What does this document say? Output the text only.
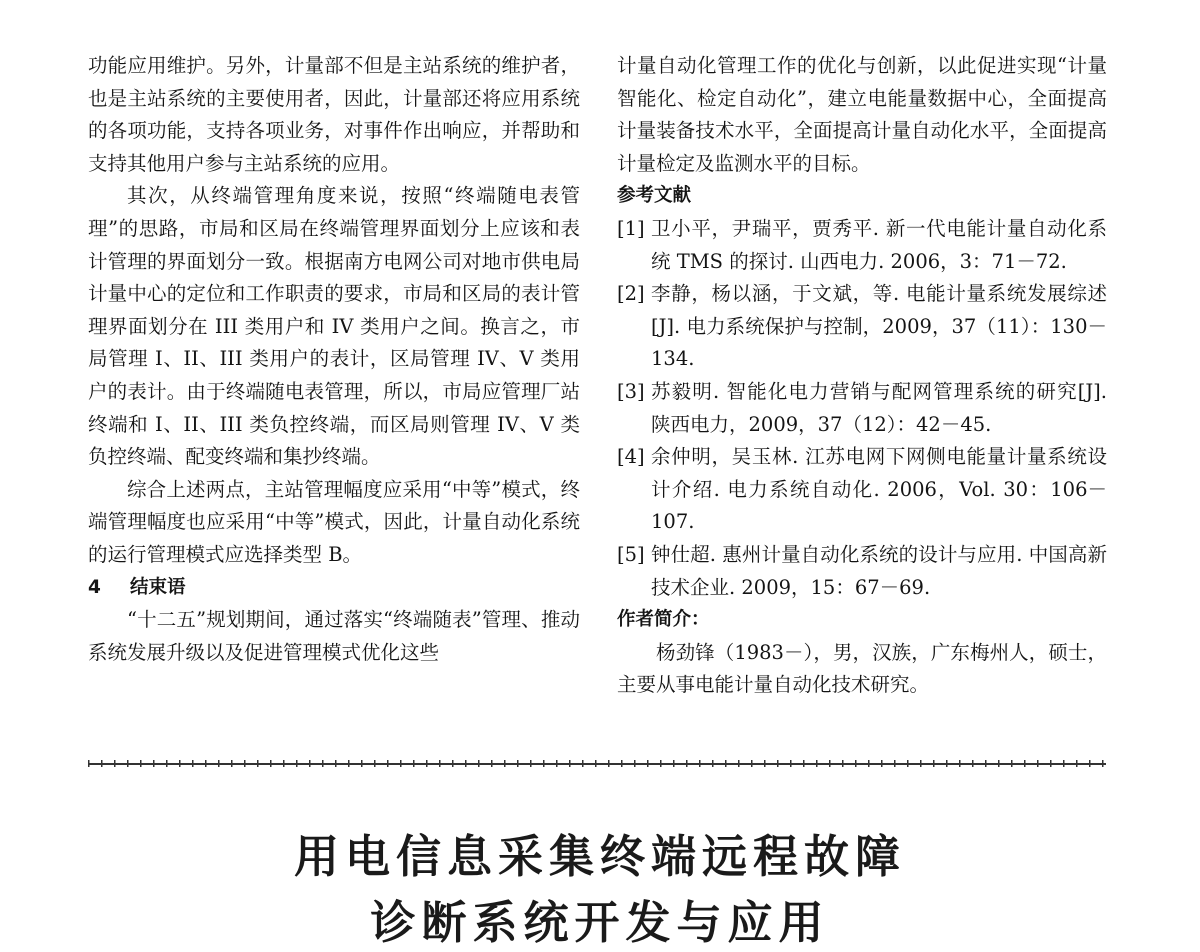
功能应用维护。另外，计量部不但是主站系统的维护者，也是主站系统的主要使用者，因此，计量部还将应用系统的各项功能，支持各项业务，对事件作出响应，并帮助和支持其他用户参与主站系统的应用。

其次，从终端管理角度来说，按照“终端随电表管理”的思路，市局和区局在终端管理界面划分上应该和表计管理的界面划分一致。根据南方电网公司对地市供电局计量中心的定位和工作职责的要求，市局和区局的表计管理界面划分在 III 类用户和 IV 类用户之间。换言之，市局管理 I、II、III 类用户的表计，区局管理 IV、V 类用户的表计。由于终端随电表管理，所以，市局应管理厂站终端和 I、II、III 类负控终端，而区局则管理 IV、V 类负控终端、配变终端和集抄终端。

综合上述两点，主站管理幅度应采用“中等”模式，终端管理幅度也应采用“中等”模式，因此，计量自动化系统的运行管理模式应选择类型 B。

4 结束语

“十二五”规划期间，通过落实“终端随表”管理、推动系统发展升级以及促进管理模式优化这些

计量自动化管理工作的优化与创新，以此促进实现“计量智能化、检定自动化”，建立电能量数据中心，全面提高计量装备技术水平，全面提高计量自动化水平，全面提高计量检定及监测水平的目标。

参考文献

[1] 卫小平，尹瑞平，贾秀平. 新一代电能计量自动化系统 TMS 的探讨. 山西电力. 2006，3：71－72.
[2] 李静，杨以涵，于文斌，等. 电能计量系统发展综述[J]. 电力系统保护与控制，2009，37（11）：130－134.
[3] 苏毅明. 智能化电力营销与配网管理系统的研究[J]. 陕西电力，2009，37（12）：42－45.
[4] 余仲明，吴玉林. 江苏电网下网侧电能量计量系统设计介绍. 电力系统自动化. 2006，Vol. 30：106－107.
[5] 钟仕超. 惠州计量自动化系统的设计与应用. 中国高新技术企业. 2009，15：67－69.

作者简介：

杨劲锋（1983－），男，汉族，广东梅州人，硕士，主要从事电能计量自动化技术研究。

用电信息采集终端远程故障
诊断系统开发与应用
